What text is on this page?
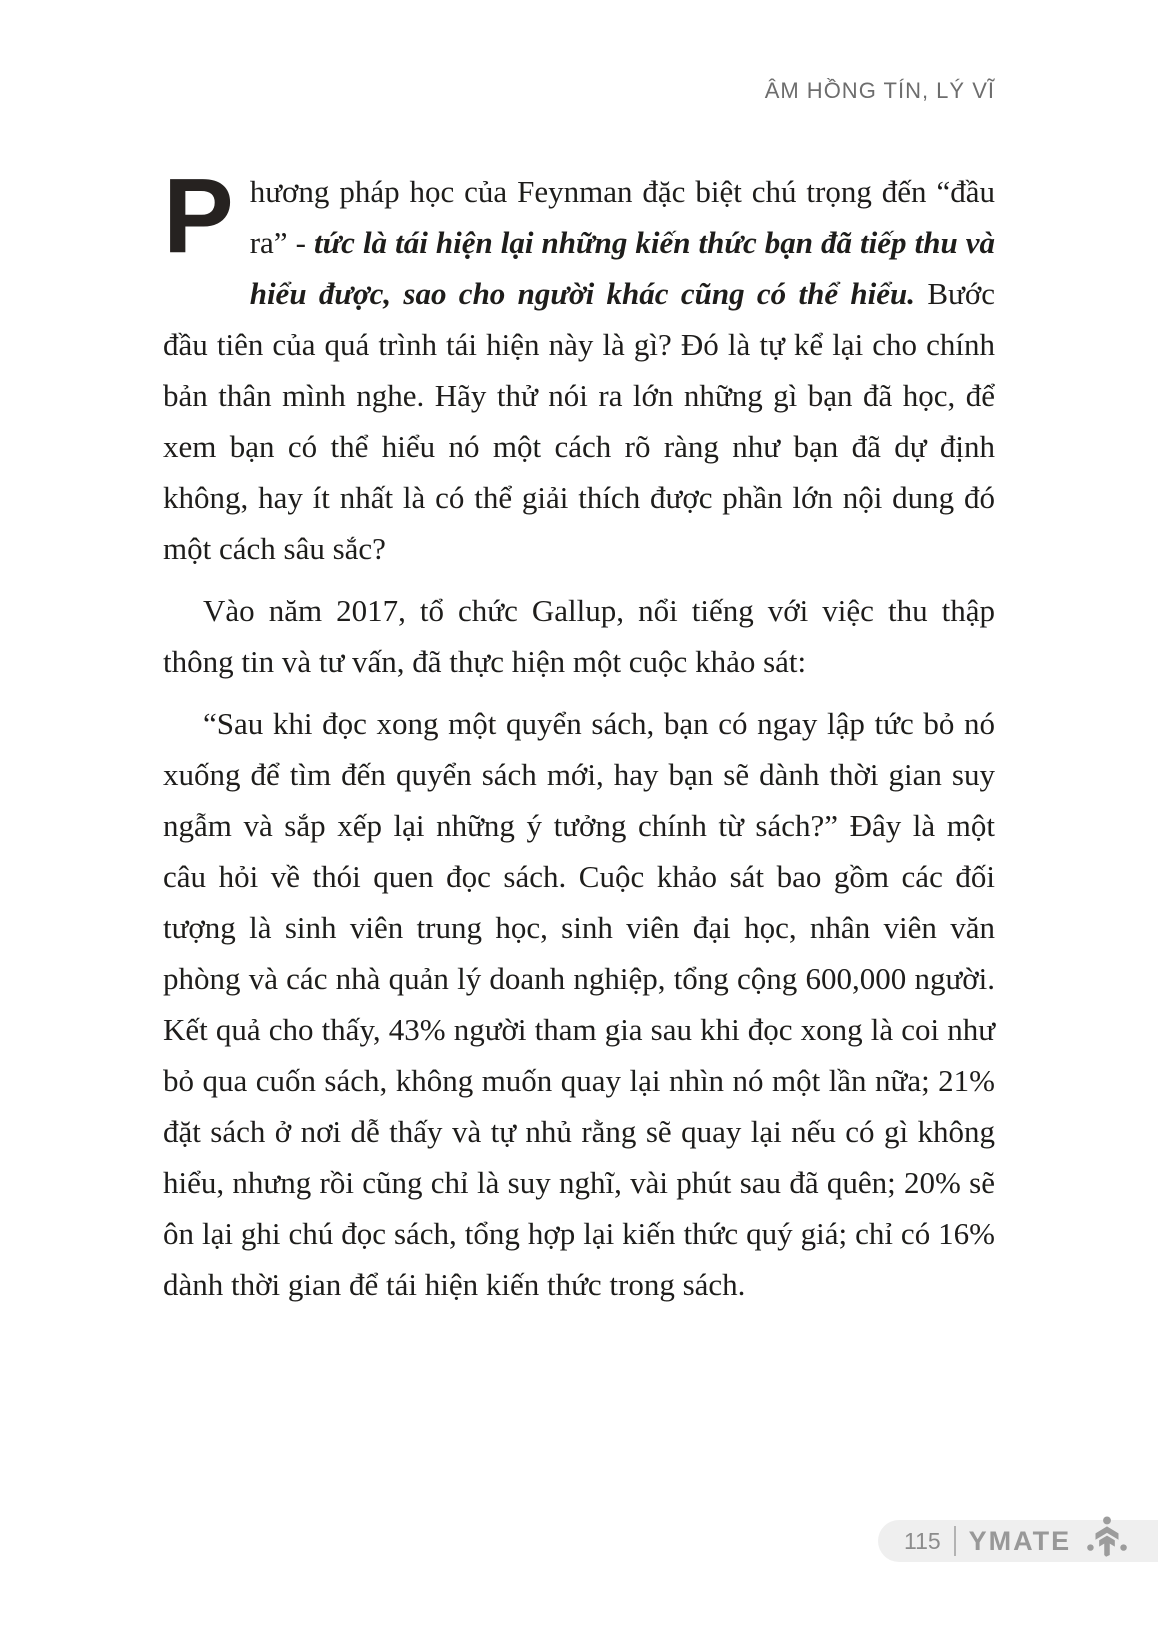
ÂM HỒNG TÍN, LÝ VĨ

Phương pháp học của Feynman đặc biệt chú trọng đến “đầu ra” - tức là tái hiện lại những kiến thức bạn đã tiếp thu và hiểu được, sao cho người khác cũng có thể hiểu. Bước đầu tiên của quá trình tái hiện này là gì? Đó là tự kể lại cho chính bản thân mình nghe. Hãy thử nói ra lớn những gì bạn đã học, để xem bạn có thể hiểu nó một cách rõ ràng như bạn đã dự định không, hay ít nhất là có thể giải thích được phần lớn nội dung đó một cách sâu sắc?

Vào năm 2017, tổ chức Gallup, nổi tiếng với việc thu thập thông tin và tư vấn, đã thực hiện một cuộc khảo sát:

“Sau khi đọc xong một quyển sách, bạn có ngay lập tức bỏ nó xuống để tìm đến quyển sách mới, hay bạn sẽ dành thời gian suy ngẫm và sắp xếp lại những ý tưởng chính từ sách?” Đây là một câu hỏi về thói quen đọc sách. Cuộc khảo sát bao gồm các đối tượng là sinh viên trung học, sinh viên đại học, nhân viên văn phòng và các nhà quản lý doanh nghiệp, tổng cộng 600,000 người. Kết quả cho thấy, 43% người tham gia sau khi đọc xong là coi như bỏ qua cuốn sách, không muốn quay lại nhìn nó một lần nữa; 21% đặt sách ở nơi dễ thấy và tự nhủ rằng sẽ quay lại nếu có gì không hiểu, nhưng rồi cũng chỉ là suy nghĩ, vài phút sau đã quên; 20% sẽ ôn lại ghi chú đọc sách, tổng hợp lại kiến thức quý giá; chỉ có 16% dành thời gian để tái hiện kiến thức trong sách.

115 YMATE
